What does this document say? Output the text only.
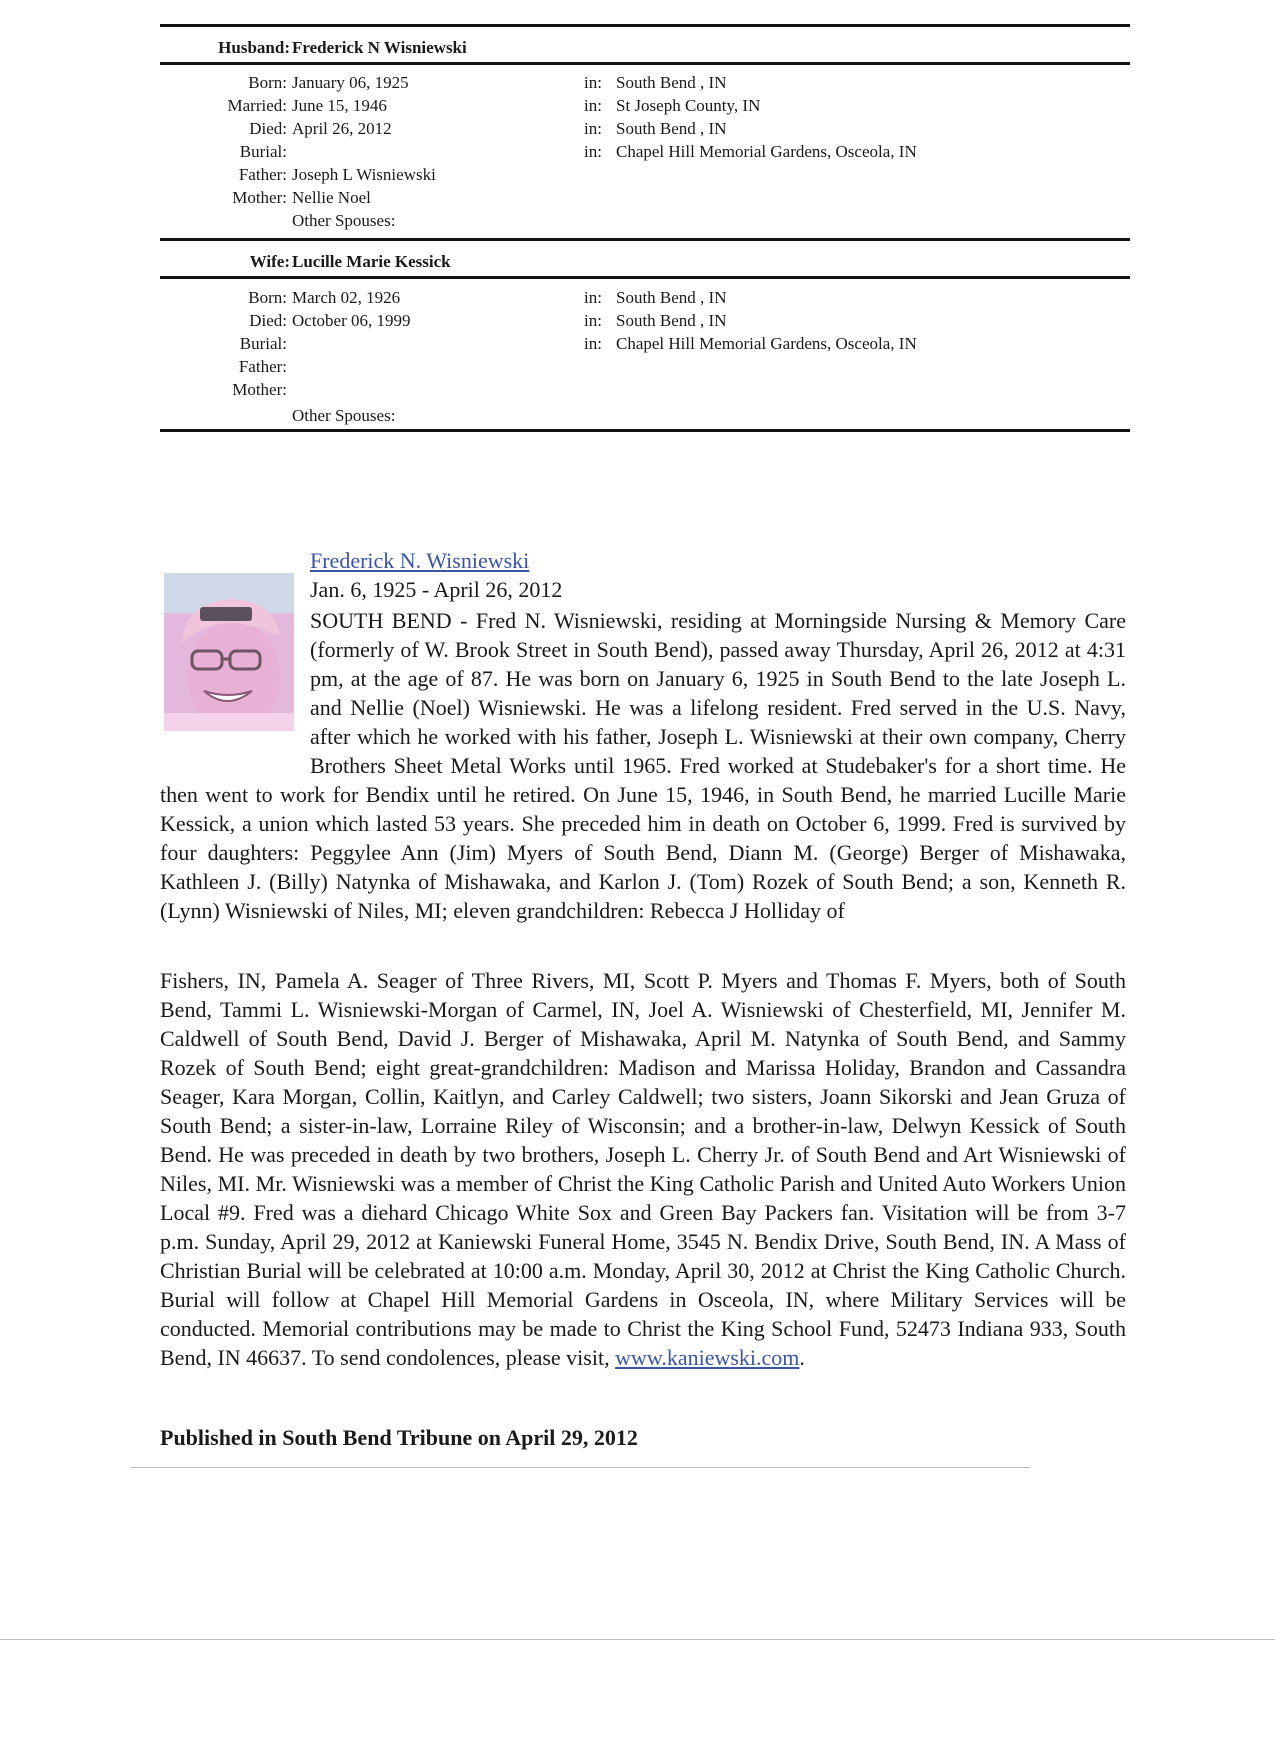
Husband: Frederick N Wisniewski
Born: January 06, 1925	in: South Bend , IN
Married: June 15, 1946	in: St Joseph County, IN
Died: April 26, 2012	in: South Bend , IN
Burial:	in: Chapel Hill Memorial Gardens, Osceola, IN
Father: Joseph L Wisniewski
Mother: Nellie Noel
Other Spouses:
Wife: Lucille Marie Kessick
Born: March 02, 1926	in: South Bend , IN
Died: October 06, 1999	in: South Bend , IN
Burial:	in: Chapel Hill Memorial Gardens, Osceola, IN
Father:
Mother:
Other Spouses:
Frederick N. Wisniewski
Jan. 6, 1925 - April 26, 2012

SOUTH BEND - Fred N. Wisniewski, residing at Morningside Nursing & Memory Care (formerly of W. Brook Street in South Bend), passed away Thursday, April 26, 2012 at 4:31 pm, at the age of 87. He was born on January 6, 1925 in South Bend to the late Joseph L. and Nellie (Noel) Wisniewski. He was a lifelong resident. Fred served in the U.S. Navy, after which he worked with his father, Joseph L. Wisniewski at their own company, Cherry Brothers Sheet Metal Works until 1965. Fred worked at Studebaker's for a short time. He then went to work for Bendix until he retired. On June 15, 1946, in South Bend, he married Lucille Marie Kessick, a union which lasted 53 years. She preceded him in death on October 6, 1999. Fred is survived by four daughters: Peggylee Ann (Jim) Myers of South Bend, Diann M. (George) Berger of Mishawaka, Kathleen J. (Billy) Natynka of Mishawaka, and Karlon J. (Tom) Rozek of South Bend; a son, Kenneth R. (Lynn) Wisniewski of Niles, MI; eleven grandchildren: Rebecca J Holliday of

Fishers, IN, Pamela A. Seager of Three Rivers, MI, Scott P. Myers and Thomas F. Myers, both of South Bend, Tammi L. Wisniewski-Morgan of Carmel, IN, Joel A. Wisniewski of Chesterfield, MI, Jennifer M. Caldwell of South Bend, David J. Berger of Mishawaka, April M. Natynka of South Bend, and Sammy Rozek of South Bend; eight great-grandchildren: Madison and Marissa Holiday, Brandon and Cassandra Seager, Kara Morgan, Collin, Kaitlyn, and Carley Caldwell; two sisters, Joann Sikorski and Jean Gruza of South Bend; a sister-in-law, Lorraine Riley of Wisconsin; and a brother-in-law, Delwyn Kessick of South Bend. He was preceded in death by two brothers, Joseph L. Cherry Jr. of South Bend and Art Wisniewski of Niles, MI. Mr. Wisniewski was a member of Christ the King Catholic Parish and United Auto Workers Union Local #9. Fred was a diehard Chicago White Sox and Green Bay Packers fan. Visitation will be from 3-7 p.m. Sunday, April 29, 2012 at Kaniewski Funeral Home, 3545 N. Bendix Drive, South Bend, IN. A Mass of Christian Burial will be celebrated at 10:00 a.m. Monday, April 30, 2012 at Christ the King Catholic Church. Burial will follow at Chapel Hill Memorial Gardens in Osceola, IN, where Military Services will be conducted. Memorial contributions may be made to Christ the King School Fund, 52473 Indiana 933, South Bend, IN 46637. To send condolences, please visit, www.kaniewski.com.

Published in South Bend Tribune on April 29, 2012
